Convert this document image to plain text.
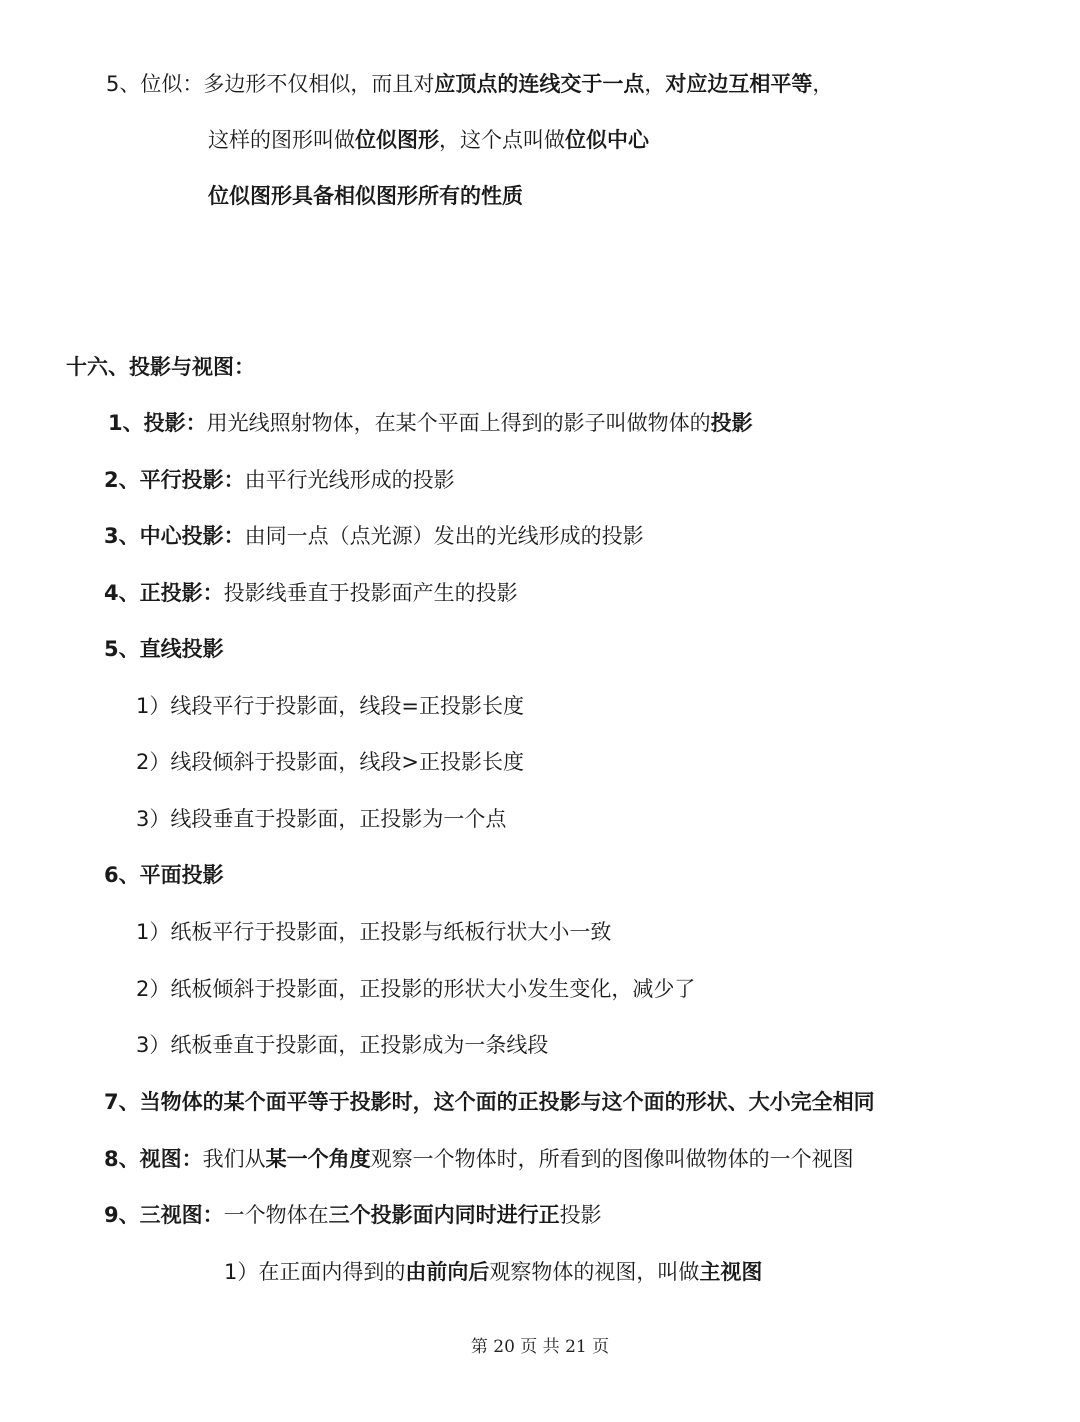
5、位似：多边形不仅相似，而且对应顶点的连线交于一点，对应边互相平等，
这样的图形叫做位似图形，这个点叫做位似中心
位似图形具备相似图形所有的性质
十六、投影与视图：
1、投影：用光线照射物体，在某个平面上得到的影子叫做物体的投影
2、平行投影：由平行光线形成的投影
3、中心投影：由同一点（点光源）发出的光线形成的投影
4、正投影：投影线垂直于投影面产生的投影
5、直线投影
1）线段平行于投影面，线段=正投影长度
2）线段倾斜于投影面，线段>正投影长度
3）线段垂直于投影面，正投影为一个点
6、平面投影
1）纸板平行于投影面，正投影与纸板行状大小一致
2）纸板倾斜于投影面，正投影的形状大小发生变化，减少了
3）纸板垂直于投影面，正投影成为一条线段
7、当物体的某个面平等于投影时，这个面的正投影与这个面的形状、大小完全相同
8、视图：我们从某一个角度观察一个物体时，所看到的图像叫做物体的一个视图
9、三视图：一个物体在三个投影面内同时进行正投影
1）在正面内得到的由前向后观察物体的视图，叫做主视图
第 20 页 共 21 页
